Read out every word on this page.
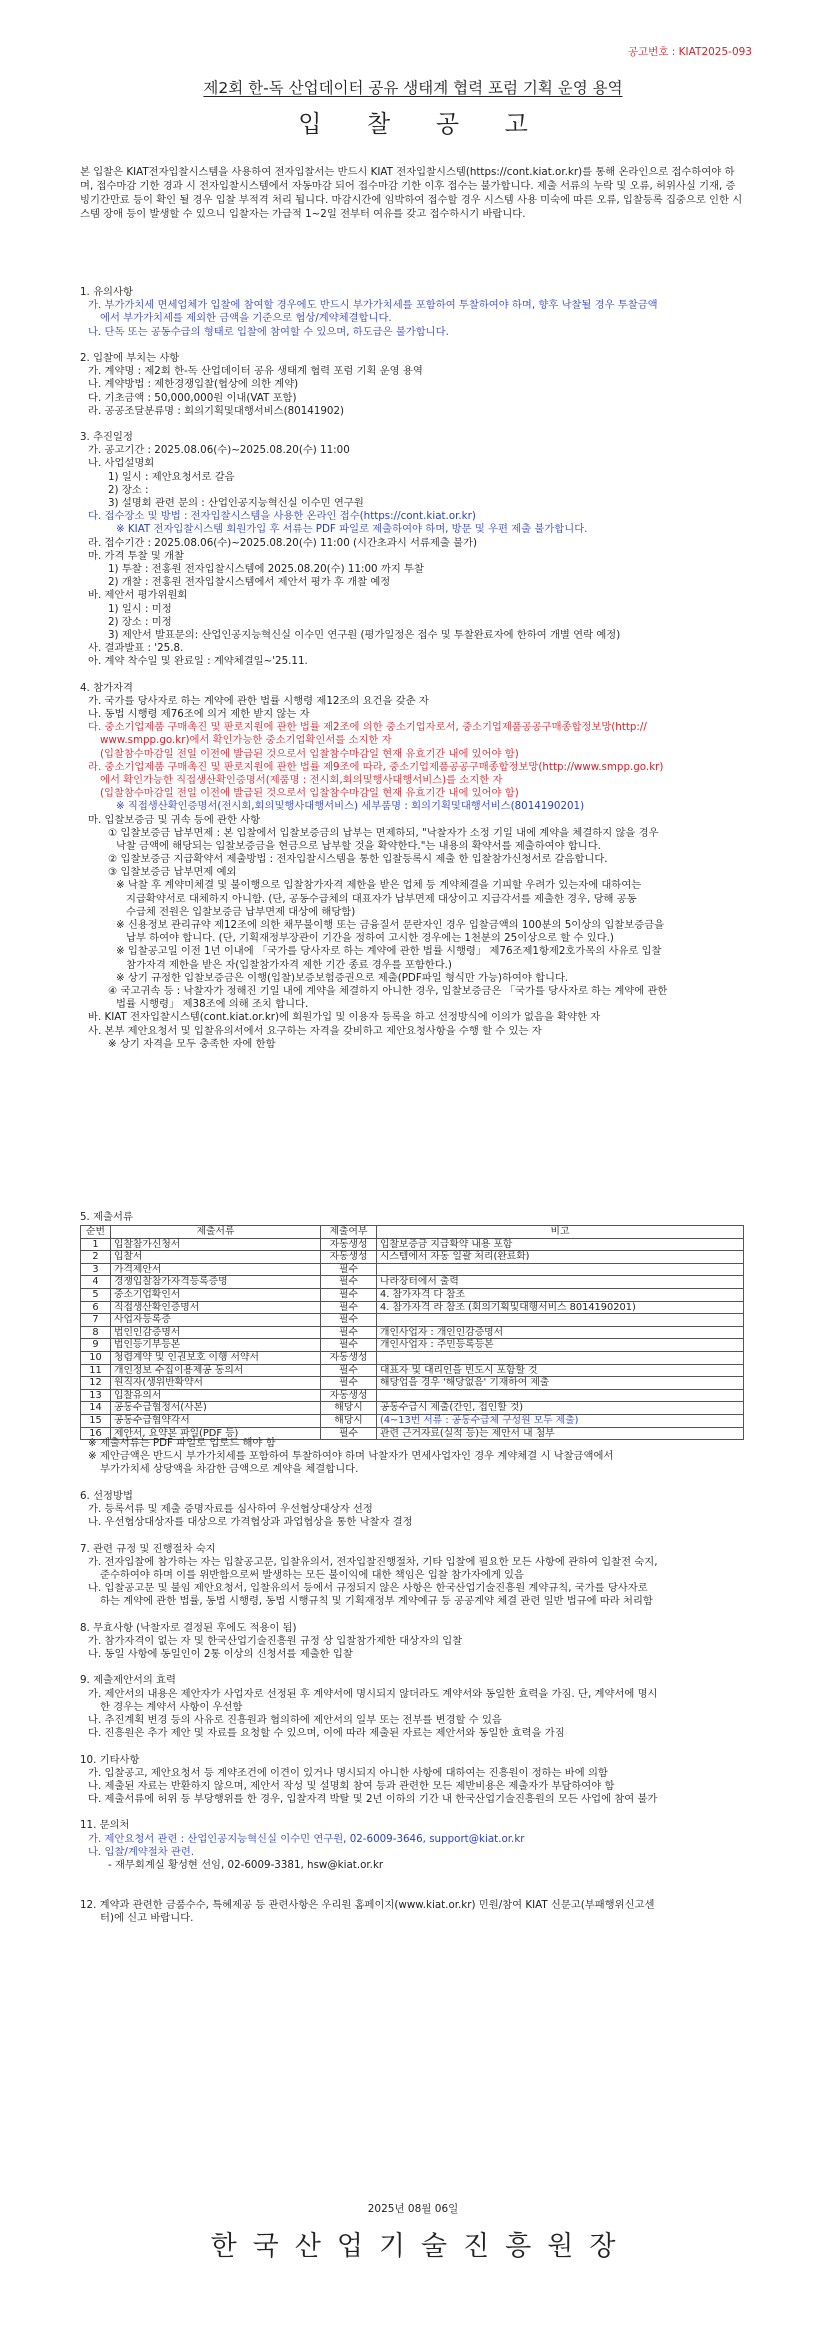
공고번호 : KIAT2025-093
제2회 한-독 산업데이터 공유 생태계 협력 포럼 기획 운영 용역
입 찰 공 고
본 입찰은 KIAT전자입찰시스템을 사용하여 전자입찰서는 반드시 KIAT 전자입찰시스템(https://cont.kiat.or.kr)를 통해 온라인으로 접수하여야 하며, 접수마감 기한 경과 시 전자입찰시스템에서 자동마감 되어 접수마감 기한 이후 접수는 불가합니다. 제출 서류의 누락 및 오류, 허위사실 기재, 증빙기간만료 등이 확인 될 경우 입찰 부적격 처리 됩니다. 마감시간에 임박하여 접수할 경우 시스템 사용 미숙에 따른 오류, 입찰등록 집중으로 인한 시스템 장애 등이 발생할 수 있으니 입찰자는 가급적 1~2일 전부터 여유를 갖고 접수하시기 바랍니다.
1. 유의사항
가. 부가가치세 면세업체가 입찰에 참여할 경우에도 반드시 부가가치세를 포함하여 투찰하여야 하며, 향후 낙찰될 경우 투찰금액
에서 부가가치세를 제외한 금액을 기준으로 협상/계약체결합니다.
나. 단독 또는 공동수급의 형태로 입찰에 참여할 수 있으며, 하도급은 불가합니다.
2. 입찰에 부치는 사항
가. 계약명 : 제2회 한-독 산업데이터 공유 생태계 협력 포럼 기획 운영 용역
나. 계약방법 : 제한경쟁입찰(협상에 의한 계약)
다. 기초금액 : 50,000,000원 이내(VAT 포함)
라. 공공조달분류명 : 회의기획및대행서비스(80141902)
3. 추진일정
가. 공고기간 : 2025.08.06(수)~2025.08.20(수) 11:00
나. 사업설명회
1) 일시 : 제안요청서로 갈음
2) 장소 :
3) 설명회 관련 문의 : 산업인공지능혁신실 이수민 연구원
다. 접수장소 및 방법 : 전자입찰시스템을 사용한 온라인 접수(https://cont.kiat.or.kr)
※ KIAT 전자입찰시스템 회원가입 후 서류는 PDF 파일로 제출하여야 하며, 방문 및 우편 제출 불가합니다.
라. 접수기간 : 2025.08.06(수)~2025.08.20(수) 11:00 (시간초과시 서류제출 불가)
마. 가격 투찰 및 개찰
1) 투찰 : 전홍원 전자입찰시스템에 2025.08.20(수) 11:00 까지 투찰
2) 개찰 : 전홍원 전자입찰시스템에서 제안서 평가 후 개찰 예정
바. 제안서 평가위원회
1) 일시 : 미정
2) 장소 : 미정
3) 제안서 발표문의: 산업인공지능혁신실 이수민 연구원 (평가일정은 접수 및 투찰완료자에 한하여 개별 연락 예정)
사. 결과발표 : '25.8.
아. 계약 착수일 및 완료일 : 계약체결일~'25.11.
4. 참가자격
가. 국가를 당사자로 하는 계약에 관한 법률 시행령 제12조의 요건을 갖춘 자
나. 동법 시행령 제76조에 의거 제한 받지 않는 자
다. 중소기업제품 구매촉진 및 판로지원에 관한 법률 제2조에 의한 중소기업자로서, 중소기업제품공공구매종합정보망(http://
www.smpp.go.kr)에서 확인가능한 중소기업확인서를 소지한 자
(입찰참수마감일 전일 이전에 발급된 것으로서 입찰참수마감일 현재 유효기간 내에 있어야 함)
라. 중소기업제품 구매촉진 및 판로지원에 관한 법률 제9조에 따라, 중소기업제품공공구매종합정보망(http://www.smpp.go.kr)
에서 확인가능한 직접생산확인증명서(제품명 : 전시회,회의및행사대행서비스)를 소지한 자
(입찰참수마감일 전일 이전에 발급된 것으로서 입찰참수마감일 현재 유효기간 내에 있어야 함)
※ 직접생산확인증명서(전시회,회의및행사대행서비스) 세부품명 : 회의기획및대행서비스(8014190201)
마. 입찰보증금 및 귀속 등에 관한 사항
① 입찰보증금 납부면제 : 본 입찰에서 입찰보증금의 납부는 면제하되, "낙찰자가 소정 기일 내에 계약을 체결하지 않을 경우
낙찰 금액에 해당되는 입찰보증금을 현금으로 납부할 것을 확약한다."는 내용의 확약서를 제출하여야 합니다.
② 입찰보증금 지급확약서 제출방법 : 전자입찰시스템을 통한 입찰등록시 제출 한 입찰참가신청서로 갈음합니다.
③ 입찰보증금 납부면제 예외
※ 낙찰 후 계약미체결 및 불이행으로 입찰참가자격 제한을 받은 업체 등 계약체결을 기피할 우려가 있는자에 대하여는
지급확약서로 대체하지 아니함. (단, 공동수급체의 대표자가 납부면제 대상이고 지급각서를 제출한 경우, 당해 공동
수급체 전원은 입찰보증금 납부면제 대상에 해당함)
※ 신용정보 관리규약 제12조에 의한 채무불이행 또는 금융질서 문란자인 경우 입찰금액의 100분의 5이상의 입찰보증금을
납부 하여야 합니다. (단, 기획재정부장관이 기간을 정하여 고시한 경우에는 1천분의 25이상으로 할 수 있다.)
※ 입찰공고일 이전 1년 이내에 「국가를 당사자로 하는 계약에 관한 법률 시행령」 제76조제1항제2호가목의 사유로 입찰
참가자격 제한을 받은 자(입찰참가자격 제한 기간 종료 경우를 포함한다.)
※ 상기 규정한 입찰보증금은 이행(입찰)보증보험증권으로 제출(PDF파일 형식만 가능)하여야 합니다.
④ 국고귀속 등 : 낙찰자가 정해진 기일 내에 계약을 체결하지 아니한 경우, 입찰보증금은 「국가를 당사자로 하는 계약에 관한
법률 시행령」 제38조에 의해 조치 합니다.
바. KIAT 전자입찰시스템(cont.kiat.or.kr)에 회원가입 및 이용자 등록을 하고 선정방식에 이의가 없음을 확약한 자
사. 본부 제안요청서 및 입찰유의서에서 요구하는 자격을 갖비하고 제안요청사항을 수행 할 수 있는 자
※ 상기 자격을 모두 충족한 자에 한함
5. 제출서류
순번	제출서류	제출여부	비고
1	입찰참가신청서	자동생성	입찰보증금 지급확약 내용 포함
2	입찰서	자동생성	시스템에서 자동 일괄 처리(완료화)
3	가격제안서	필수	
4	경쟁입찰참가자격등록증명	필수	나라장터에서 출력
5	중소기업확인서	필수	4. 참가자격 다 참조
6	직접생산확인증명서	필수	4. 참가자격 라 참조 (회의기획및대행서비스 8014190201)
7	사업자등록증	필수	
8	법인인감증명서	필수	개인사업자 : 개인인감증명서
9	법인등기부등본	필수	개인사업자 : 주민등록등본
10	청렴계약 및 인권보호 이행 서약서	자동생성	
11	개인정보 수집이용제공 동의서	필수	대표자 및 대리인을 빈도시 포함할 것
12	원직자(생위반확약서	필수	해당업을 경우 '해당없음' 기재하여 제출
13	입찰유의서	자동생성	
14	공동수급협정서(사본)	해당시	공동수급시 제출(간인, 접인할 것)
15	공동수급협약각서	해당시	(4~13번 서류 : 공동수급체 구성원 모두 제출)
16	제안서, 요약본 파일(PDF 등)	필수	관련 근거자료(실적 등)는 제안서 내 첨부
※ 제출서류는 PDF 파일로 업로드 해야 함
※ 제안금액은 반드시 부가가치세를 포함하여 투찰하여야 하며 낙찰자가 면세사업자인 경우 계약체결 시 낙찰금액에서
부가가치세 상당액을 차감한 금액으로 계약을 체결합니다.
6. 선정방법
가. 등록서류 및 제출 증명자료를 심사하여 우선협상대상자 선정
나. 우선협상대상자를 대상으로 가격협상과 과업협상을 통한 낙찰자 결정
7. 관련 규정 및 진행절차 숙지
가. 전자입찰에 참가하는 자는 입찰공고문, 입찰유의서, 전자입찰진행절차, 기타 입찰에 필요한 모든 사항에 관하여 입찰전 숙지,
준수하여야 하며 이를 위반함으로써 발생하는 모든 불이익에 대한 책임은 입찰 참가자에게 있음
나. 입찰공고문 및 불임 제안요청서, 입찰유의서 등에서 규정되지 않은 사항은 한국산업기술진흥원 계약규칙, 국가를 당사자로
하는 계약에 관한 법률, 동법 시행령, 동법 시행규칙 및 기획재정부 계약예규 등 공공계약 체결 관련 일반 법규에 따라 처리함
8. 무효사항 (낙찰자로 결정된 후에도 적용이 됨)
가. 참가자격이 없는 자 및 한국산업기술진흥원 규정 상 입찰참가제한 대상자의 입찰
나. 동일 사항에 동일인이 2통 이상의 신청서를 제출한 입찰
9. 제출제안서의 효력
가. 제안서의 내용은 제안자가 사업자로 선정된 후 계약서에 명시되지 않더라도 계약서와 동일한 효력을 가짐. 단, 계약서에 명시
한 경우는 계약서 사항이 우선함
나. 추진계획 변경 등의 사유로 진흥원과 협의하에 제안서의 일부 또는 전부를 변경할 수 있음
다. 진흥원은 추가 제안 및 자료를 요청할 수 있으며, 이에 따라 제출된 자료는 제안서와 동일한 효력을 가짐
10. 기타사항
가. 입찰공고, 제안요청서 등 계약조건에 이견이 있거나 명시되지 아니한 사항에 대하여는 진흥원이 정하는 바에 의함
나. 제출된 자료는 반환하지 않으며, 제안서 작성 및 설명회 참여 등과 관련한 모든 제반비용은 제출자가 부담하여야 함
다. 제출서류에 허위 등 부당행위를 한 경우, 입찰자격 박탈 및 2년 이하의 기간 내 한국산업기술진흥원의 모든 사업에 참여 불가
11. 문의처
가. 제안요청서 관련 : 산업인공지능혁신실 이수민 연구원, 02-6009-3646, support@kiat.or.kr
나. 입찰/계약절차 관련.
- 재무회계실 황성현 선임, 02-6009-3381, hsw@kiat.or.kr
12. 계약과 관련한 금품수수, 특혜제공 등 관련사항은 우리원 홈페이지(www.kiat.or.kr) 민원/참여 KIAT 신문고(부패행위신고센
터)에 신고 바랍니다.
2025년 08월 06일
한국산업기술진흥원장
